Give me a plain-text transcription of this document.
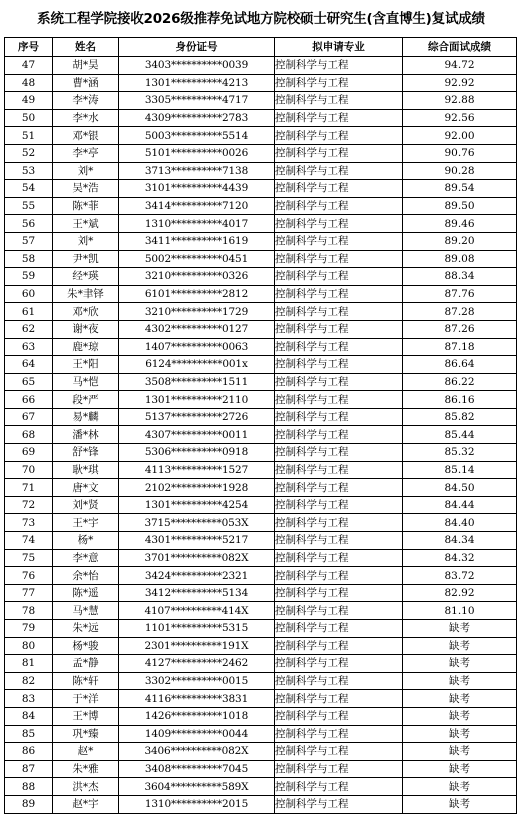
系统工程学院接收2026级推荐免试地方院校硕士研究生(含直博生)复试成绩
序号	姓名	身份证号	拟申请专业	综合面试成绩
47	胡*昊	3403**********0039	控制科学与工程	94.72
48	曹*涵	1301**********4213	控制科学与工程	92.92
49	李*涛	3305**********4717	控制科学与工程	92.88
50	李*水	4309**********2783	控制科学与工程	92.56
51	邓*银	5003**********5514	控制科学与工程	92.00
52	李*亭	5101**********0026	控制科学与工程	90.76
53	刘*	3713**********7138	控制科学与工程	90.28
54	吴*浩	3101**********4439	控制科学与工程	89.54
55	陈*菲	3414**********7120	控制科学与工程	89.50
56	王*斌	1310**********4017	控制科学与工程	89.46
57	刘*	3411**********1619	控制科学与工程	89.20
58	尹*凯	5002**********0451	控制科学与工程	89.08
59	经*瑛	3210**********0326	控制科学与工程	88.34
60	朱*聿铎	6101**********2812	控制科学与工程	87.76
61	邓*欣	3210**********1729	控制科学与工程	87.28
62	谢*夜	4302**********0127	控制科学与工程	87.26
63	鹿*琼	1407**********0063	控制科学与工程	87.18
64	王*阳	6124**********001x	控制科学与工程	86.64
65	马*恺	3508**********1511	控制科学与工程	86.22
66	段*严	1301**********2110	控制科学与工程	86.16
67	易*麟	5137**********2726	控制科学与工程	85.82
68	潘*林	4307**********0011	控制科学与工程	85.44
69	舒*锋	5306**********0918	控制科学与工程	85.32
70	耿*琪	4113**********1527	控制科学与工程	85.14
71	唐*文	2102**********1928	控制科学与工程	84.50
72	刘*贤	1301**********4254	控制科学与工程	84.44
73	王*宇	3715**********053X	控制科学与工程	84.40
74	杨*	4301**********5217	控制科学与工程	84.34
75	李*意	3701**********082X	控制科学与工程	84.32
76	余*怡	3424**********2321	控制科学与工程	83.72
77	陈*遥	3412**********5134	控制科学与工程	82.92
78	马*慧	4107**********414X	控制科学与工程	81.10
79	朱*远	1101**********5315	控制科学与工程	缺考
80	杨*骏	2301**********191X	控制科学与工程	缺考
81	孟*静	4127**********2462	控制科学与工程	缺考
82	陈*轩	3302**********0015	控制科学与工程	缺考
83	于*洋	4116**********3831	控制科学与工程	缺考
84	王*博	1426**********1018	控制科学与工程	缺考
85	巩*臻	1409**********0044	控制科学与工程	缺考
86	赵*	3406**********082X	控制科学与工程	缺考
87	朱*雅	3408**********7045	控制科学与工程	缺考
88	洪*杰	3604**********589X	控制科学与工程	缺考
89	赵*宇	1310**********2015	控制科学与工程	缺考
